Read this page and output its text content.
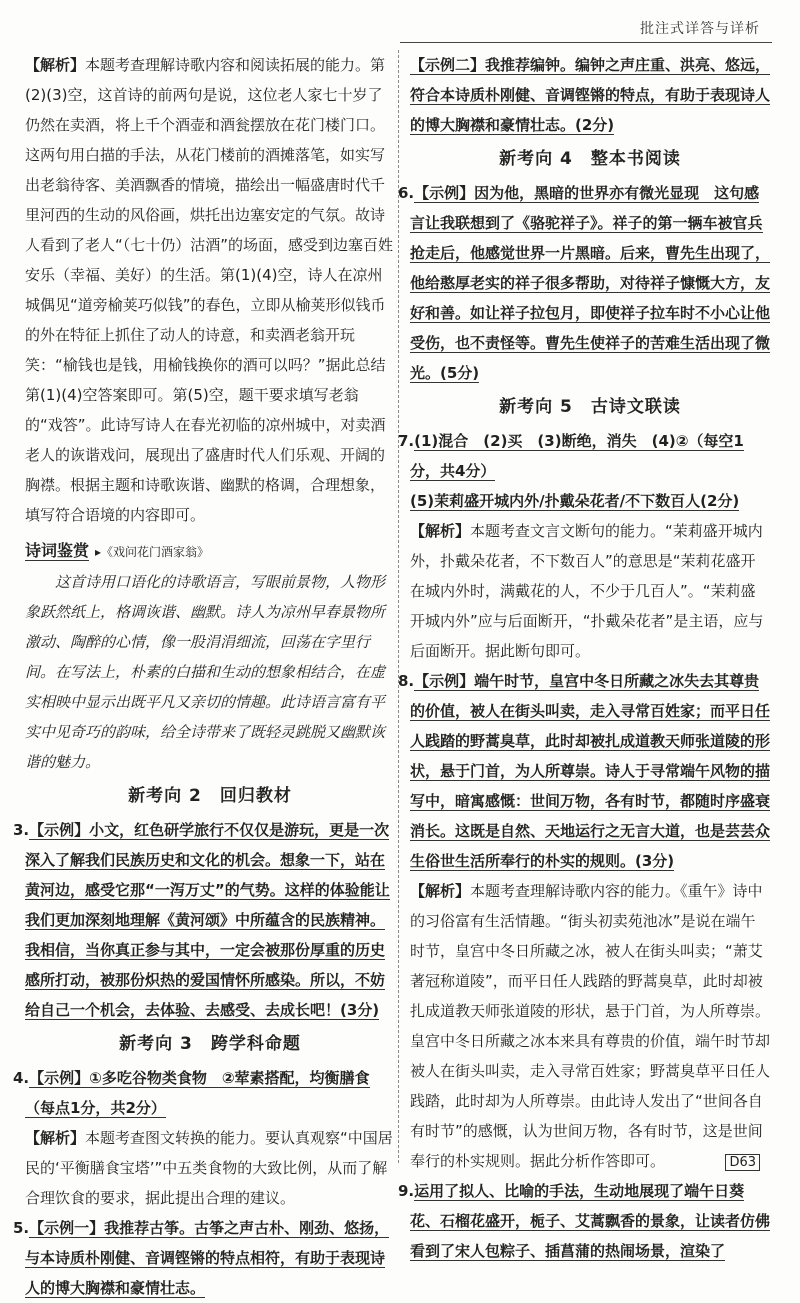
批注式详答与详析

【解析】本题考查理解诗歌内容和阅读拓展的能力。第(2)(3)空，这首诗的前两句是说，这位老人家七十岁了仍然在卖酒，将上千个酒壶和酒瓮摆放在花门楼门口。这两句用白描的手法，从花门楼前的酒摊落笔，如实写出老翁待客、美酒飘香的情境，描绘出一幅盛唐时代千里河西的生动的风俗画，烘托出边塞安定的气氛。故诗人看到了老人“（七十仍）沽酒”的场面，感受到边塞百姓安乐（幸福、美好）的生活。第(1)(4)空，诗人在凉州城偶见“道旁榆荚巧似钱”的春色，立即从榆荚形似钱币的外在特征上抓住了动人的诗意，和卖酒老翁开玩笑：“榆钱也是钱，用榆钱换你的酒可以吗？”据此总结第(1)(4)空答案即可。第(5)空，题干要求填写老翁的“戏答”。此诗写诗人在春光初临的凉州城中，对卖酒老人的诙谐戏问，展现出了盛唐时代人们乐观、开阔的胸襟。根据主题和诗歌诙谐、幽默的格调，合理想象，填写符合语境的内容即可。

诗词鉴赏 ▸《戏问花门酒家翁》

这首诗用口语化的诗歌语言，写眼前景物，人物形象跃然纸上，格调诙谐、幽默。诗人为凉州早春景物所激动、陶醉的心情，像一股涓涓细流，回荡在字里行间。在写法上，朴素的白描和生动的想象相结合，在虚实相映中显示出既平凡又亲切的情趣。此诗语言富有平实中见奇巧的韵味，给全诗带来了既轻灵跳脱又幽默诙谐的魅力。

新考向 2　回归教材

3.【示例】小文，红色研学旅行不仅仅是游玩，更是一次深入了解我们民族历史和文化的机会。想象一下，站在黄河边，感受它那“一泻万丈”的气势。这样的体验能让我们更加深刻地理解《黄河颂》中所蕴含的民族精神。我相信，当你真正参与其中，一定会被那份厚重的历史感所打动，被那份炽热的爱国情怀所感染。所以，不妨给自己一个机会，去体验、去感受、去成长吧！(3分)

新考向 3　跨学科命题

4.【示例】①多吃谷物类食物　②荤素搭配，均衡膳食（每点1分，共2分）

【解析】本题考查图文转换的能力。要认真观察“中国居民的‘平衡膳食宝塔’”中五类食物的大致比例，从而了解合理饮食的要求，据此提出合理的建议。

5.【示例一】我推荐古筝。古筝之声古朴、刚劲、悠扬，与本诗质朴刚健、音调铿锵的特点相符，有助于表现诗人的博大胸襟和豪情壮志。

【示例二】我推荐编钟。编钟之声庄重、洪亮、悠远，符合本诗质朴刚健、音调铿锵的特点，有助于表现诗人的博大胸襟和豪情壮志。(2分)

新考向 4　整本书阅读

6.【示例】因为他，黑暗的世界亦有微光显现　这句感言让我联想到了《骆驼祥子》。祥子的第一辆车被官兵抢走后，他感觉世界一片黑暗。后来，曹先生出现了，他给憨厚老实的祥子很多帮助，对待祥子慷慨大方，友好和善。如让祥子拉包月，即使祥子拉车时不小心让他受伤，也不责怪等。曹先生使祥子的苦难生活出现了微光。(5分)

新考向 5　古诗文联读

7.(1)混合　(2)买　(3)断绝，消失　(4)②（每空1分，共4分）

(5)茉莉盛开城内外/扑戴朵花者/不下数百人(2分)

【解析】本题考查文言文断句的能力。“茉莉盛开城内外，扑戴朵花者，不下数百人”的意思是“茉莉花盛开在城内外时，满戴花的人，不少于几百人”。“茉莉盛开城内外”应与后面断开，“扑戴朵花者”是主语，应与后面断开。据此断句即可。

8.【示例】端午时节，皇宫中冬日所藏之冰失去其尊贵的价值，被人在街头叫卖，走入寻常百姓家；而平日任人践踏的野蒿臭草，此时却被扎成道教天师张道陵的形状，悬于门首，为人所尊崇。诗人于寻常端午风物的描写中，暗寓感慨：世间万物，各有时节，都随时序盛衰消长。这既是自然、天地运行之无言大道，也是芸芸众生俗世生活所奉行的朴实的规则。(3分)

【解析】本题考查理解诗歌内容的能力。《重午》诗中的习俗富有生活情趣。“街头初卖苑池冰”是说在端午时节，皇宫中冬日所藏之冰，被人在街头叫卖；“萧艾著冠称道陵”，而平日任人践踏的野蒿臭草，此时却被扎成道教天师张道陵的形状，悬于门首，为人所尊崇。皇宫中冬日所藏之冰本来具有尊贵的价值，端午时节却被人在街头叫卖，走入寻常百姓家；野蒿臭草平日任人践踏，此时却为人所尊崇。由此诗人发出了“世间各自有时节”的感慨，认为世间万物，各有时节，这是世间奉行的朴实规则。据此分析作答即可。

9.运用了拟人、比喻的手法，生动地展现了端午日葵花、石榴花盛开，栀子、艾蒿飘香的景象，让读者仿佛看到了宋人包粽子、插菖蒲的热闹场景，渲染了

D63
